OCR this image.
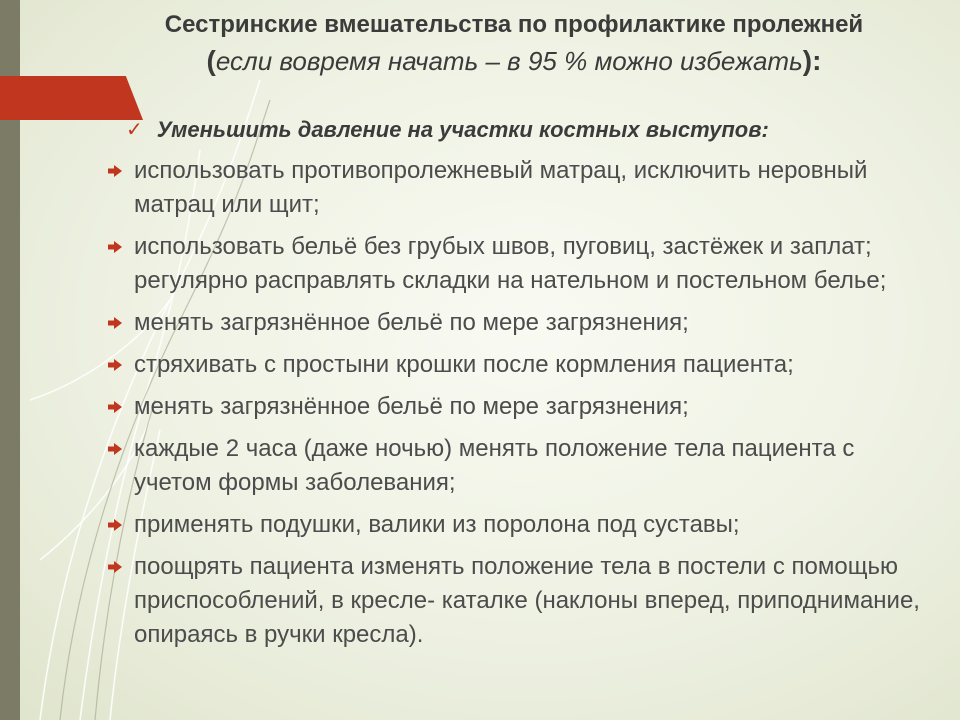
Сестринские вмешательства по профилактике пролежней
(если вовремя начать – в 95 % можно избежать):
✓ Уменьшить давление на участки костных выступов:
использовать противопролежневый матрац, исключить неровный матрац или щит;
использовать бельё без грубых швов, пуговиц, застёжек и заплат; регулярно расправлять складки на нательном и постельном белье;
менять загрязнённое бельё по мере загрязнения;
стряхивать с простыни крошки после кормления пациента;
менять загрязнённое бельё по мере загрязнения;
каждые 2 часа (даже ночью) менять положение тела пациента с учетом формы заболевания;
применять подушки, валики из поролона под суставы;
поощрять пациента изменять положение тела в постели с помощью приспособлений, в кресле- каталке (наклоны вперед, приподнимание, опираясь в ручки кресла).
